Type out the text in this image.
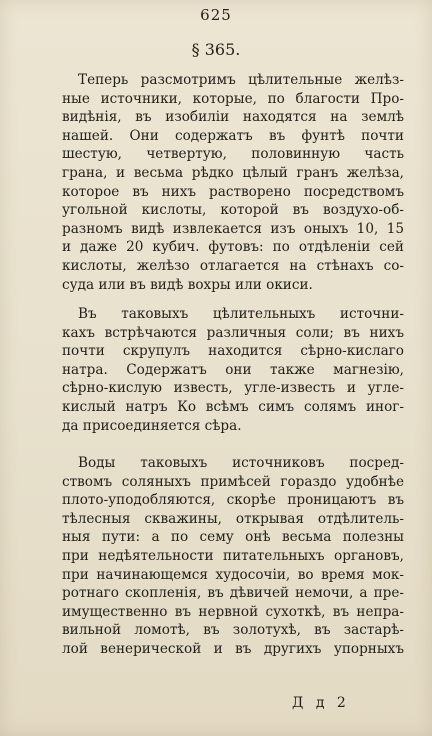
625
§ 365.
Теперь разсмотримъ цѣлительные желѣз-
ные источники, которые, по благости Про-
видѣнія, въ изобиліи находятся на землѣ
нашей. Они содержатъ въ фунтѣ почти
шестую, четвертую, половинную часть
грана, и весьма рѣдко цѣлый гранъ желѣза,
которое въ нихъ растворено посредствомъ
угольной кислоты, которой въ воздухо-об-
разномъ видѣ извлекается изъ оныхъ 10, 15
и даже 20 кубич. футовъ: по отдѣленіи сей
кислоты, желѣзо отлагается на стѣнахъ со-
суда или въ видѣ вохры или окиси.
Въ таковыхъ цѣлительныхъ источни-
кахъ встрѣчаются различныя соли; въ нихъ
почти скрупулъ находится сѣрно-кислаго
натра. Содержатъ они также магнезію,
сѣрно-кислую известь, угле-известь и угле-
кислый натръ Ко всѣмъ симъ солямъ иног-
да присоединяется сѣра.
Воды таковыхъ источниковъ посред-
ствомъ соляныхъ примѣсей гораздо удобнѣе
плото-уподобляются, скорѣе проницаютъ въ
тѣлесныя скважины, открывая отдѣлитель-
ныя пути: а по сему онѣ весьма полезны
при недѣятельности питательныхъ органовъ,
при начинающемся худосочіи, во время мок-
ротнаго скопленія, въ дѣвичей немочи, а пре-
имущественно въ нервной сухоткѣ, въ непра-
вильной ломотѣ, въ золотухѣ, въ застарѣ-
лой венерической и въ другихъ упорныхъ
Д д 2
